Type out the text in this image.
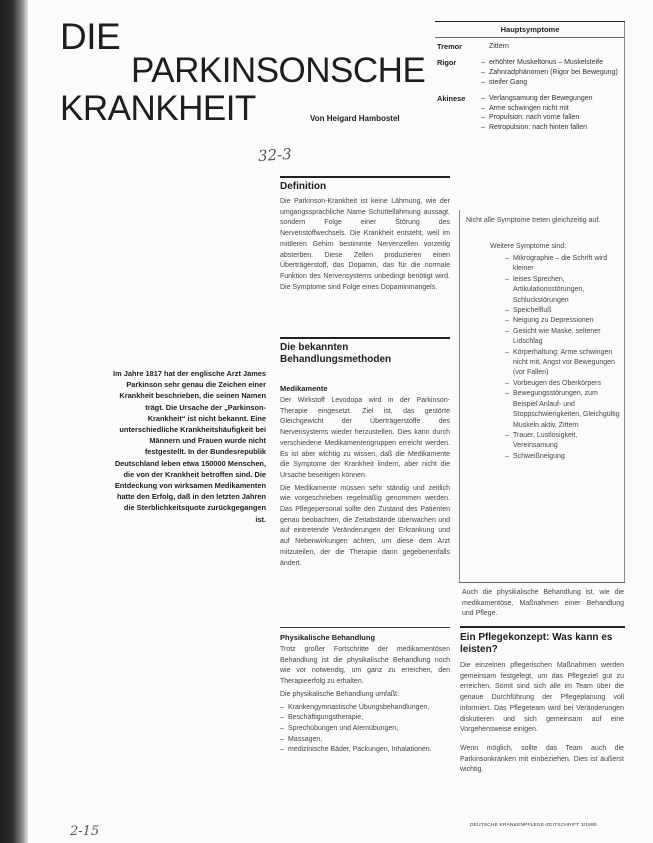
DIE
PARKINSONSCHE
KRANKHEIT	Von Heigard Hambostel
32-3
2-15
Hauptsymptome
Tremor	Zittern
Rigor	– erhöhter Muskeltonus – Muskelsteife
– Zahnradphänomen (Rigor bei Bewegung)
– steifer Gang
Akinese	– Verlangsamung der Bewegungen
– Arme schwingen nicht mit
– Propulsion: nach vorne fallen
– Retropulsion: nach hinten fallen
Nicht alle Symptome treten gleichzeitig auf.
Weitere Symptome sind:
– Mikrographie – die Schrift wird kleiner
– leises Sprechen, Artikulationsstörungen, Schluckstörungen
– Speichelfluß
– Neigung zu Depressionen
– Gesicht wie Maske, seltener Lidschlag
– Körperhaltung: Arme schwingen nicht mit, Angst vor Bewegungen (vor Fallen)
– Vorbeugen des Oberkörpers
– Bewegungsstörungen, zum Beispiel Anlauf- und Stoppschwierigkeiten, Gleichgültig Muskeln aktiv, Zittern
– Trauer, Lustlosigkeit, Vereinsamung
– Schweißneigung
Auch die physikalische Behandlung ist, wie die medikamentöse, Maßnahmen einer Behandlung und Pflege.
Im Jahre 1817 hat der englische Arzt James Parkinson sehr genau die Zeichen einer Krankheit beschrieben, die seinen Namen trägt. Die Ursache der „Parkinson-Krankheit“ ist nicht bekannt. Eine unterschiedliche Krankheitshäufigkeit bei Männern und Frauen wurde nicht festgestellt. In der Bundesrepublik Deutschland leben etwa 150000 Menschen, die von der Krankheit betroffen sind. Die Entdeckung von wirksamen Medikamenten hatte den Erfolg, daß in den letzten Jahren die Sterblichkeitsquote zurückgegangen ist.
Definition
Die Parkinson-Krankheit ist keine Lähmung, wie der umgangssprachliche Name Schüttellähmung aussagt, sondern Folge einer Störung des Nervenstoffwechsels. Die Krankheit entsteht, weil im mittleren Gehirn bestimmte Nervenzellen vorzeitig absterben. Diese Zellen produzieren einen Überträgerstoff, das Dopamin, das für die normale Funktion des Nervensystems unbedingt benötigt wird. Die Symptome sind Folge eines Dopaminmangels.
Die bekannten Behandlungsmethoden
Medikamente

Der Wirkstoff Levodopa wird in der Parkinson-Therapie eingesetzt. Ziel ist, das gestörte Gleichgewicht der Überträgerstoffe des Nervensystems wieder herzustellen. Dies kann durch verschiedene Medikamentengruppen erreicht werden. Es ist aber wichtig zu wissen, daß die Medikamente die Symptome der Krankheit lindern, aber nicht die Ursache beseitigen können.

Die Medikamente müssen sehr ständig und zeitlich wie vorgeschrieben regelmäßig genommen werden. Das Pflegepersonal sollte den Zustand des Patienten genau beobachten, die Zeitabstände überwachen und auf eintretende Veränderungen der Erkrankung und auf Nebenwirkungen achten, um diese dem Arzt mitzuteilen, der die Therapie dann gegebenenfalls ändert.

Physikalische Behandlung

Trotz großer Fortschritte der medikamentösen Behandlung ist die physikalische Behandlung noch wie vor notwendig, um ganz zu erreichen, den Therapieerfolg zu erhalten.

Die physikalische Behandlung umfaßt:

– Krankengymnastische Übungsbehandlungen,
– Beschäftigungstherapie,
– Sprechübungen und Atemübungen,
– Massagen,
– medizinische Bäder, Packungen, Inhalationen.
Ein Pflegekonzept: Was kann es leisten?

Die einzelnen pflegerischen Maßnahmen werden gemeinsam festgelegt, um das Pflegeziel gut zu erreichen. Somit sind sich alle im Team über die genaue Durchführung der Pflegeplanung voll informiert. Das Pflegeteam wird bei Veränderungen diskutieren und sich gemeinsam auf eine Vorgehensweise einigen.

Wenn möglich, sollte das Team auch die Parkinsonkranken mit einbeziehen. Dies ist äußerst wichtig.

DEUTSCHE KRANKENPFLEGE-ZEITSCHRIFT 3/1990
